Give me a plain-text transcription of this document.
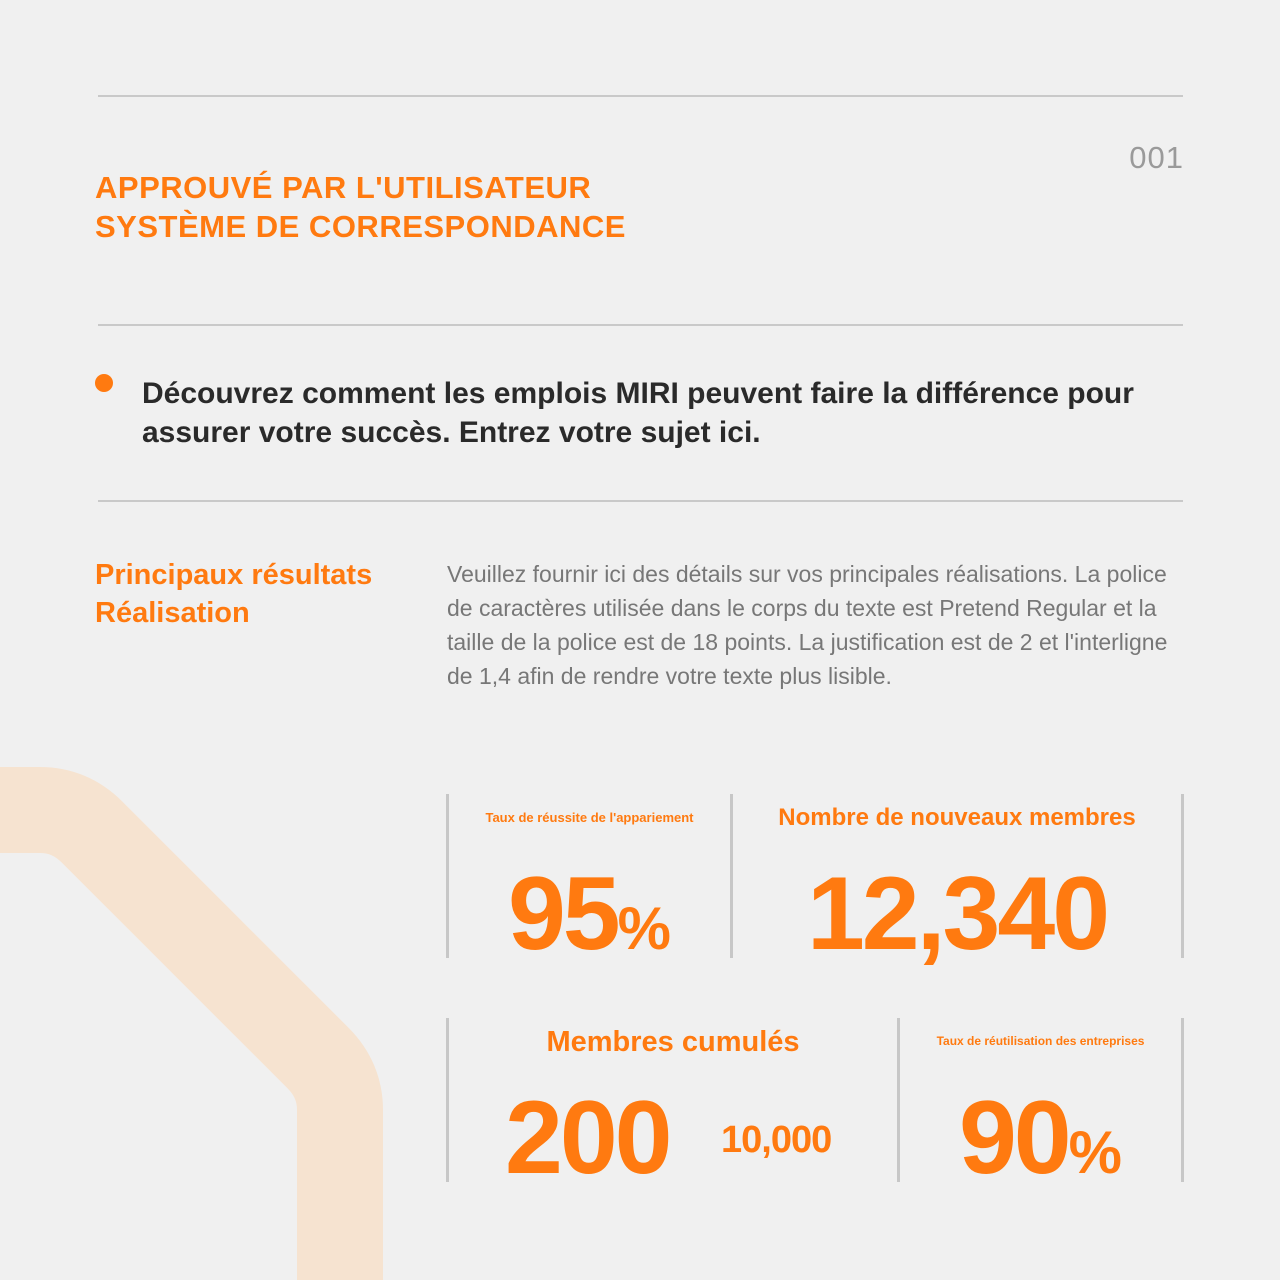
001
APPROUVÉ PAR L'UTILISATEUR
SYSTÈME DE CORRESPONDANCE
Découvrez comment les emplois MIRI peuvent faire la différence pour assurer votre succès. Entrez votre sujet ici.
Principaux résultats
Réalisation
Veuillez fournir ici des détails sur vos principales réalisations. La police de caractères utilisée dans le corps du texte est Pretend Regular et la taille de la police est de 18 points. La justification est de 2 et l'interligne de 1,4 afin de rendre votre texte plus lisible.
Taux de réussite de l'appariement
95%
Nombre de nouveaux membres
12,340
Membres cumulés
200	10,000
Taux de réutilisation des entreprises
90%
